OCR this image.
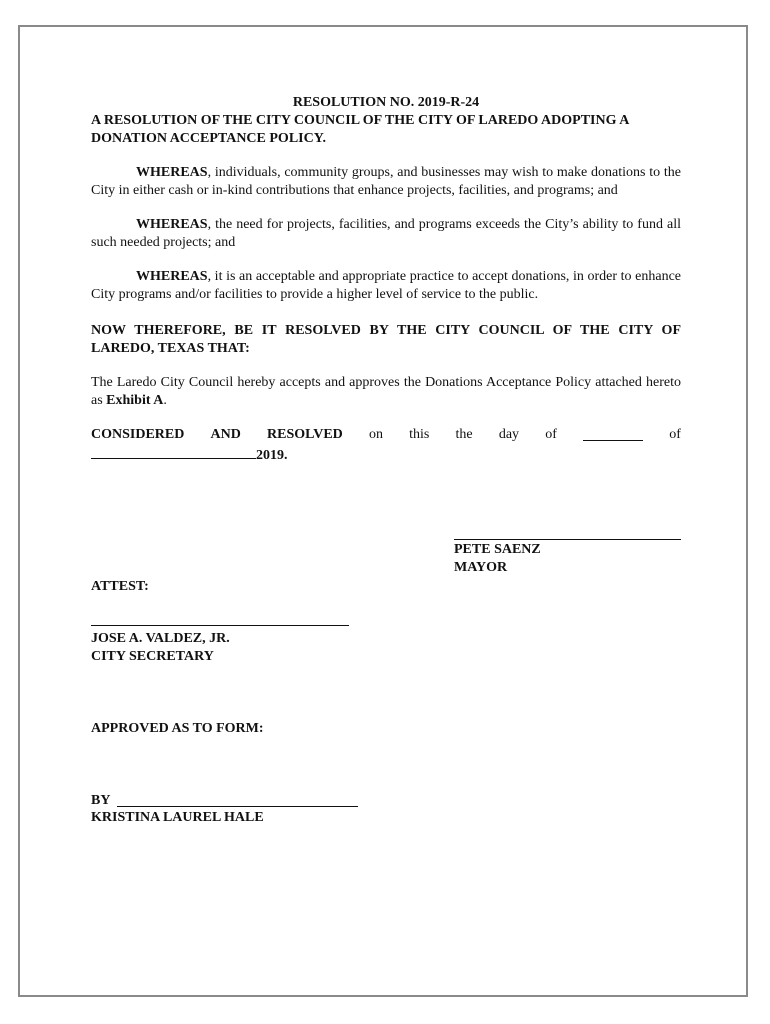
RESOLUTION NO. 2019-R-24
A RESOLUTION OF THE CITY COUNCIL OF THE CITY OF LAREDO ADOPTING A DONATION ACCEPTANCE POLICY.
WHEREAS, individuals, community groups, and businesses may wish to make donations to the City in either cash or in-kind contributions that enhance projects, facilities, and programs; and
WHEREAS, the need for projects, facilities, and programs exceeds the City’s ability to fund all such needed projects; and
WHEREAS, it is an acceptable and appropriate practice to accept donations, in order to enhance City programs and/or facilities to provide a higher level of service to the public.
NOW THEREFORE, BE IT RESOLVED BY THE CITY COUNCIL OF THE CITY OF LAREDO, TEXAS THAT:
The Laredo City Council hereby accepts and approves the Donations Acceptance Policy attached hereto as Exhibit A.
CONSIDERED AND RESOLVED on this the day of	of
2019.
PETE SAENZ
MAYOR
ATTEST:
JOSE A. VALDEZ, JR.
CITY SECRETARY
APPROVED AS TO FORM:
BY
KRISTINA LAUREL HALE
